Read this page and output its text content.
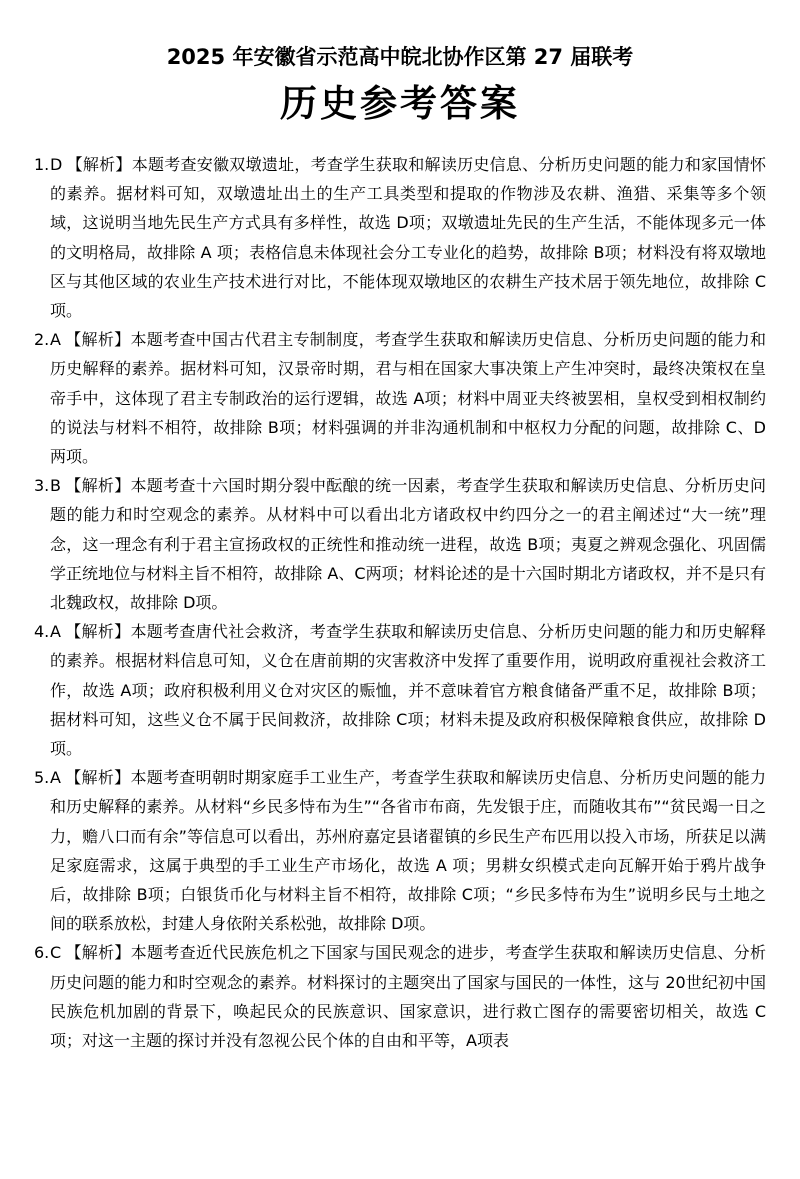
2025 年安徽省示范高中皖北协作区第 27 届联考
历史参考答案

1. D 【解析】本题考查安徽双墩遗址，考查学生获取和解读历史信息、分析历史问题的能力和家国情怀的素养。据材料可知，双墩遗址出土的生产工具类型和提取的作物涉及农耕、渔猎、采集等多个领域，这说明当地先民生产方式具有多样性，故选 D项；双墩遗址先民的生产生活，不能体现多元一体的文明格局，故排除 A 项；表格信息未体现社会分工专业化的趋势，故排除 B项；材料没有将双墩地区与其他区域的农业生产技术进行对比，不能体现双墩地区的农耕生产技术居于领先地位，故排除 C项。

2. A 【解析】本题考查中国古代君主专制制度，考查学生获取和解读历史信息、分析历史问题的能力和历史解释的素养。据材料可知，汉景帝时期，君与相在国家大事决策上产生冲突时，最终决策权在皇帝手中，这体现了君主专制政治的运行逻辑，故选 A项；材料中周亚夫终被罢相，皇权受到相权制约的说法与材料不相符，故排除 B项；材料强调的并非沟通机制和中枢权力分配的问题，故排除 C、D两项。

3. B 【解析】本题考查十六国时期分裂中酝酿的统一因素，考查学生获取和解读历史信息、分析历史问题的能力和时空观念的素养。从材料中可以看出北方诸政权中约四分之一的君主阐述过“大一统”理念，这一理念有利于君主宣扬政权的正统性和推动统一进程，故选 B项；夷夏之辨观念强化、巩固儒学正统地位与材料主旨不相符，故排除 A、C两项；材料论述的是十六国时期北方诸政权，并不是只有北魏政权，故排除 D项。

4. A 【解析】本题考查唐代社会救济，考查学生获取和解读历史信息、分析历史问题的能力和历史解释的素养。根据材料信息可知，义仓在唐前期的灾害救济中发挥了重要作用，说明政府重视社会救济工作，故选 A项；政府积极利用义仓对灾区的赈恤，并不意味着官方粮食储备严重不足，故排除 B项；据材料可知，这些义仓不属于民间救济，故排除 C项；材料未提及政府积极保障粮食供应，故排除 D项。

5. A 【解析】本题考查明朝时期家庭手工业生产，考查学生获取和解读历史信息、分析历史问题的能力和历史解释的素养。从材料“乡民多恃布为生”“各省市布商，先发银于庄，而随收其布”“贫民竭一日之力，赡八口而有余”等信息可以看出，苏州府嘉定县诸翟镇的乡民生产布匹用以投入市场，所获足以满足家庭需求，这属于典型的手工业生产市场化，故选 A 项；男耕女织模式走向瓦解开始于鸦片战争后，故排除 B项；白银货币化与材料主旨不相符，故排除 C项；“乡民多恃布为生”说明乡民与土地之间的联系放松，封建人身依附关系松弛，故排除 D项。

6. C 【解析】本题考查近代民族危机之下国家与国民观念的进步，考查学生获取和解读历史信息、分析历史问题的能力和时空观念的素养。材料探讨的主题突出了国家与国民的一体性，这与 20世纪初中国民族危机加剧的背景下，唤起民众的民族意识、国家意识，进行救亡图存的需要密切相关，故选 C项；对这一主题的探讨并没有忽视公民个体的自由和平等，A项表
